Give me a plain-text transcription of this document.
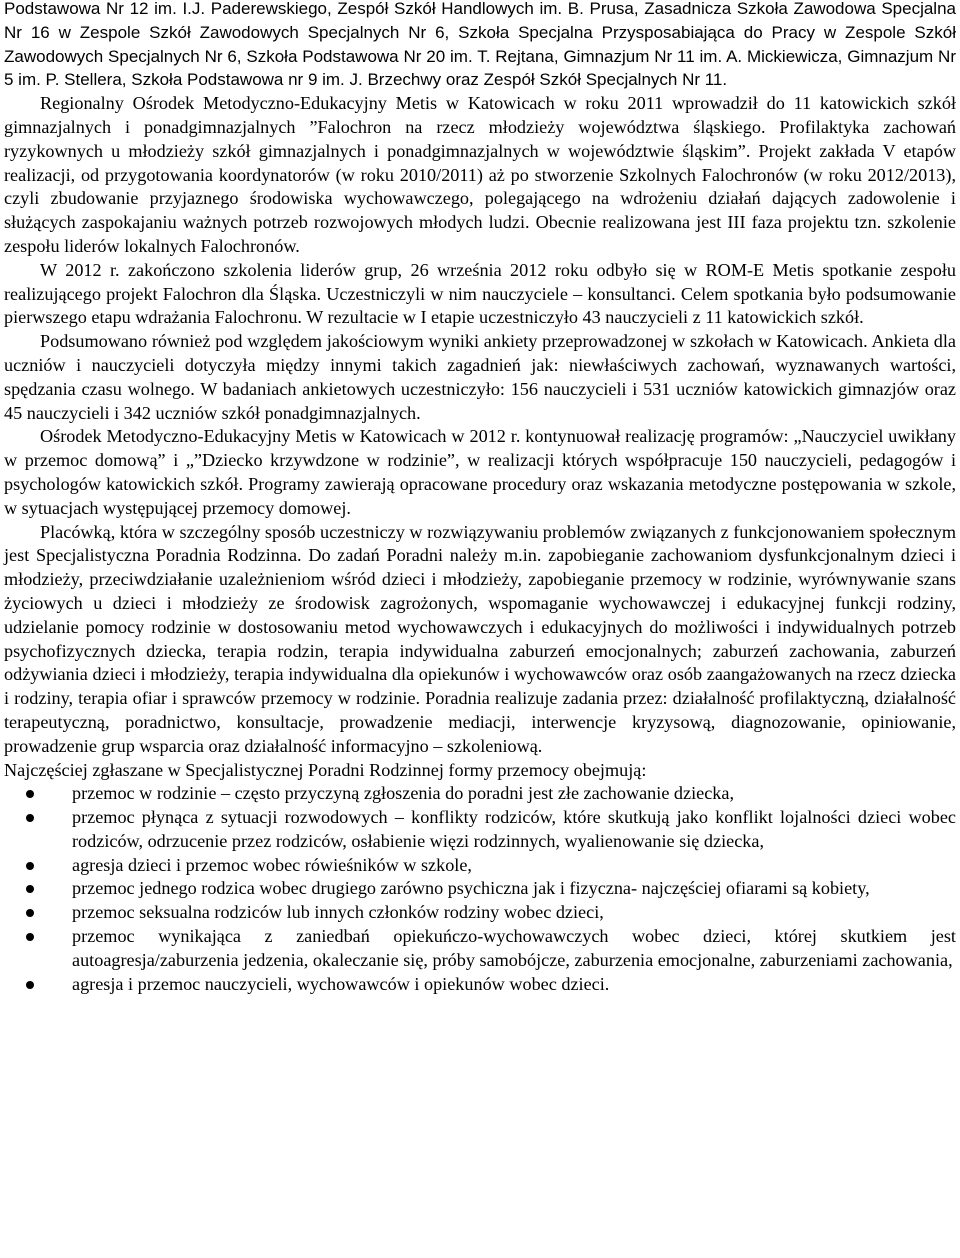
Podstawowa Nr 12 im. I.J. Paderewskiego, Zespół Szkół Handlowych im. B. Prusa, Zasadnicza Szkoła Zawodowa Specjalna Nr 16 w Zespole Szkół Zawodowych Specjalnych Nr 6, Szkoła Specjalna Przysposabiająca do Pracy w Zespole Szkół Zawodowych Specjalnych Nr 6, Szkoła Podstawowa Nr 20 im. T. Rejtana, Gimnazjum Nr 11 im. A. Mickiewicza, Gimnazjum Nr 5 im. P. Stellera, Szkoła Podstawowa nr 9 im. J. Brzechwy oraz Zespół Szkół Specjalnych Nr 11.

Regionalny Ośrodek Metodyczno-Edukacyjny Metis w Katowicach w roku 2011 wprowadził do 11 katowickich szkół gimnazjalnych i ponadgimnazjalnych ”Falochron na rzecz młodzieży województwa śląskiego. Profilaktyka zachowań ryzykownych u młodzieży szkół gimnazjalnych i ponadgimnazjalnych w województwie śląskim”. Projekt zakłada V etapów realizacji, od przygotowania koordynatorów (w roku 2010/2011) aż po stworzenie Szkolnych Falochronów (w roku 2012/2013), czyli zbudowanie przyjaznego środowiska wychowawczego, polegającego na wdrożeniu działań dających zadowolenie i służących zaspokajaniu ważnych potrzeb rozwojowych młodych ludzi. Obecnie realizowana jest III faza projektu tzn. szkolenie zespołu liderów lokalnych Falochronów.

W 2012 r. zakończono szkolenia liderów grup, 26 września 2012 roku odbyło się w ROM-E Metis spotkanie zespołu realizującego projekt Falochron dla Śląska. Uczestniczyli w nim nauczyciele – konsultanci. Celem spotkania było podsumowanie pierwszego etapu wdrażania Falochronu. W rezultacie w I etapie uczestniczyło 43 nauczycieli z 11 katowickich szkół.

Podsumowano również pod względem jakościowym wyniki ankiety przeprowadzonej w szkołach w Katowicach. Ankieta dla uczniów i nauczycieli dotyczyła między innymi takich zagadnień jak: niewłaściwych zachowań, wyznawanych wartości, spędzania czasu wolnego. W badaniach ankietowych uczestniczyło: 156 nauczycieli i 531 uczniów katowickich gimnazjów oraz 45 nauczycieli i 342 uczniów szkół ponadgimnazjalnych.

Ośrodek Metodyczno-Edukacyjny Metis w Katowicach w 2012 r. kontynuował realizację programów: „Nauczyciel uwikłany w przemoc domową” i „”Dziecko krzywdzone w rodzinie”, w realizacji których współpracuje 150 nauczycieli, pedagogów i psychologów katowickich szkół. Programy zawierają opracowane procedury oraz wskazania metodyczne postępowania w szkole, w sytuacjach występującej przemocy domowej.

Placówką, która w szczególny sposób uczestniczy w rozwiązywaniu problemów związanych z funkcjonowaniem społecznym jest Specjalistyczna Poradnia Rodzinna. Do zadań Poradni należy m.in. zapobieganie zachowaniom dysfunkcjonalnym dzieci i młodzieży, przeciwdziałanie uzależnieniom wśród dzieci i młodzieży, zapobieganie przemocy w rodzinie, wyrównywanie szans życiowych u dzieci i młodzieży ze środowisk zagrożonych, wspomaganie wychowawczej i edukacyjnej funkcji rodziny, udzielanie pomocy rodzinie w dostosowaniu metod wychowawczych i edukacyjnych do możliwości i indywidualnych potrzeb psychofizycznych dziecka, terapia rodzin, terapia indywidualna zaburzeń emocjonalnych; zaburzeń zachowania, zaburzeń odżywiania dzieci i młodzieży, terapia indywidualna dla opiekunów i wychowawców oraz osób zaangażowanych na rzecz dziecka i rodziny, terapia ofiar i sprawców przemocy w rodzinie. Poradnia realizuje zadania przez: działalność profilaktyczną, działalność terapeutyczną, poradnictwo, konsultacje, prowadzenie mediacji, interwencje kryzysową, diagnozowanie, opiniowanie, prowadzenie grup wsparcia oraz działalność informacyjno – szkoleniową.

Najczęściej zgłaszane w Specjalistycznej Poradni Rodzinnej formy przemocy obejmują:

przemoc w rodzinie – często przyczyną zgłoszenia do poradni jest złe zachowanie dziecka,
przemoc płynąca z sytuacji rozwodowych – konflikty rodziców, które skutkują jako konflikt lojalności dzieci wobec rodziców, odrzucenie przez rodziców, osłabienie więzi rodzinnych, wyalienowanie się dziecka,
agresja dzieci i przemoc wobec rówieśników w szkole,
przemoc jednego rodzica wobec drugiego zarówno psychiczna jak i fizyczna- najczęściej ofiarami są kobiety,
przemoc seksualna rodziców lub innych członków rodziny wobec dzieci,
przemoc wynikająca z zaniedbań opiekuńczo-wychowawczych wobec dzieci, której skutkiem jest autoagresja/zaburzenia jedzenia, okaleczanie się, próby samobójcze, zaburzenia emocjonalne, zaburzeniami zachowania,
agresja i przemoc nauczycieli, wychowawców i opiekunów wobec dzieci.
